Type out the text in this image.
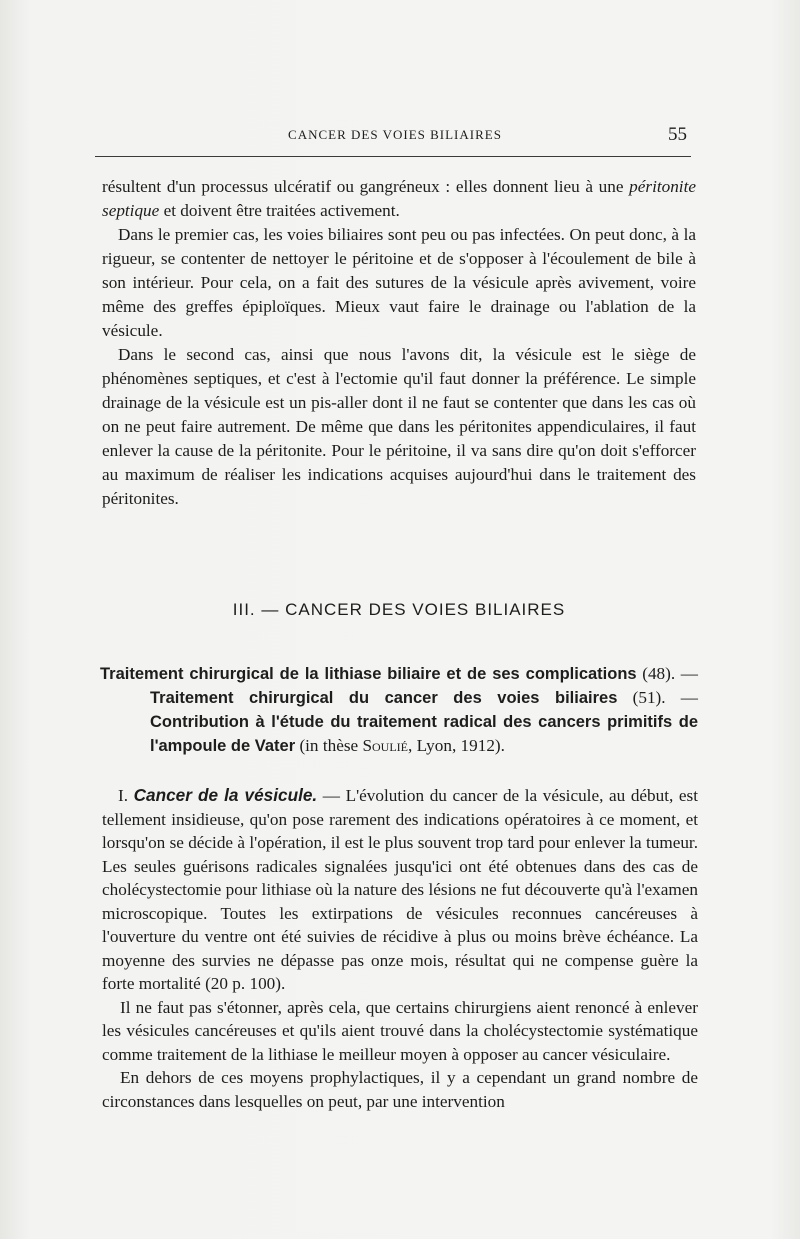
CANCER DES VOIES BILIAIRES	55

résultent d'un processus ulcératif ou gangréneux : elles donnent lieu à une péritonite septique et doivent être traitées activement.

Dans le premier cas, les voies biliaires sont peu ou pas infectées. On peut donc, à la rigueur, se contenter de nettoyer le péritoine et de s'opposer à l'écoulement de bile à son intérieur. Pour cela, on a fait des sutures de la vésicule après avivement, voire même des greffes épiploïques. Mieux vaut faire le drainage ou l'ablation de la vésicule.

Dans le second cas, ainsi que nous l'avons dit, la vésicule est le siège de phénomènes septiques, et c'est à l'ectomie qu'il faut donner la préférence. Le simple drainage de la vésicule est un pis-aller dont il ne faut se contenter que dans les cas où on ne peut faire autrement. De même que dans les péritonites appendiculaires, il faut enlever la cause de la péritonite. Pour le péritoine, il va sans dire qu'on doit s'efforcer au maximum de réaliser les indications acquises aujourd'hui dans le traitement des péritonites.

III. — CANCER DES VOIES BILIAIRES
Traitement chirurgical de la lithiase biliaire et de ses complications (48). — Traitement chirurgical du cancer des voies biliaires (51). — Contribution à l'étude du traitement radical des cancers primitifs de l'ampoule de Vater (in thèse Soulié, Lyon, 1912).

I. Cancer de la vésicule. — L'évolution du cancer de la vésicule, au début, est tellement insidieuse, qu'on pose rarement des indications opératoires à ce moment, et lorsqu'on se décide à l'opération, il est le plus souvent trop tard pour enlever la tumeur. Les seules guérisons radicales signalées jusqu'ici ont été obtenues dans des cas de cholécystectomie pour lithiase où la nature des lésions ne fut découverte qu'à l'examen microscopique. Toutes les extirpations de vésicules reconnues cancéreuses à l'ouverture du ventre ont été suivies de récidive à plus ou moins brève échéance. La moyenne des survies ne dépasse pas onze mois, résultat qui ne compense guère la forte mortalité (20 p. 100).

Il ne faut pas s'étonner, après cela, que certains chirurgiens aient renoncé à enlever les vésicules cancéreuses et qu'ils aient trouvé dans la cholécystectomie systématique comme traitement de la lithiase le meilleur moyen à opposer au cancer vésiculaire.

En dehors de ces moyens prophylactiques, il y a cependant un grand nombre de circonstances dans lesquelles on peut, par une intervention
